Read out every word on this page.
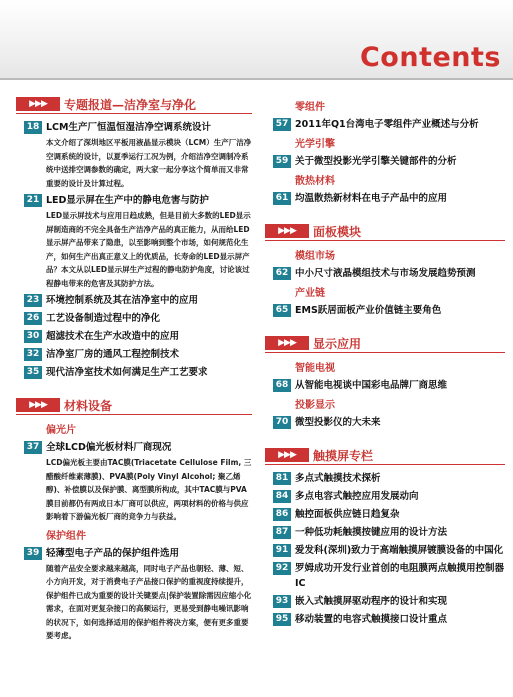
Contents
▶▶▶	专题报道—洁净室与净化
18 LCM生产厂恒温恒湿洁净空调系统设计
本文介绍了深圳地区平板用液晶显示模块（LCM）生产厂洁净空调系统的设计，以夏季运行工况为例，介绍洁净空调制冷系统中送排空调参数的确定，两大家一起分享这个简单而又非常重要的设计及计算过程。
21 LED显示屏在生产中的静电危害与防护
LED显示屏技术与应用日趋成熟，但是目前大多数的LED显示屏制造商的不完全具备生产洁净产品的真正能力，从而给LED显示屏产品带来了隐患，以至影响到整个市场，如何规范化生产，如何生产出真正意义上的优质品，长寿命的LED显示屏产品？本文从以LED显示屏生产过程的静电防护角度，讨论该过程静电带来的危害及其防护方法。
23 环境控制系统及其在洁净室中的应用
26 工艺设备制造过程中的净化
30 超滤技术在生产水改造中的应用
32 洁净室厂房的通风工程控制技术
35 现代洁净室技术如何满足生产工艺要求
▶▶▶	材料设备
偏光片
37 全球LCD偏光板材料厂商现况
LCD偏光板主要由TAC膜(Triacetate Cellulose Film, 三醋酸纤维素薄膜)、PVA膜(Poly Vinyl Alcohol; 聚乙烯醇)、补偿膜以及保护膜、离型膜所构成，其中TAC膜与PVA膜目前都仍有两成日本厂商可以供应，两项材料的价格与供应影响着下游偏光板厂商的竞争力与获益。
保护组件
39 轻薄型电子产品的保护组件选用
随着产品安全要求越来越高，同时电子产品也朝轻、薄、短、小方向开发，对于消费电子产品接口保护的重视度持续提升，保护组件已成为重要的设计关键要点|保护装置除需因应缩小化需求，在面对更复杂接口的高频运行，更易受到静电噪讯影响的状况下，如何选择适用的保护组件将决方案，便有更多重要要考虑。
零组件
57 2011年Q1台湾电子零组件产业概述与分析
光学引擎
59 关于微型投影光学引擎关键部件的分析
散热材料
61 均温散热新材料在电子产品中的应用
▶▶▶	面板模块
模组市场
62 中小尺寸液晶模组技术与市场发展趋势预测
产业链
65 EMS跃居面板产业价值链主要角色
▶▶▶	显示应用
智能电视
68 从智能电视谈中国彩电品牌厂商思维
投影显示
70 微型投影仪的大未来
▶▶▶	触摸屏专栏
81 多点式触摸技术探析
84 多点电容式触控应用发展动向
86 触控面板供应链日趋复杂
87 一种低功耗触摸按键应用的设计方法
91 爱发科(深圳)致力于高端触摸屏镀膜设备的中国化
92 罗姆成功开发行业首创的电阻膜两点触摸用控制器IC
93 嵌入式触摸屏驱动程序的设计和实现
95 移动装置的电容式触摸接口设计重点
